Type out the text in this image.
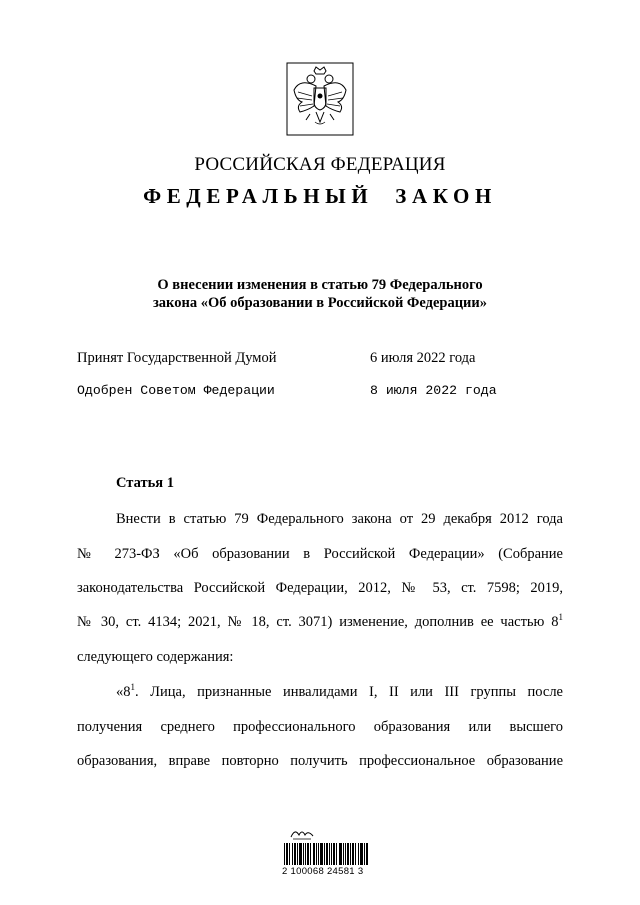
РОССИЙСКАЯ ФЕДЕРАЦИЯ
ФЕДЕРАЛЬНЫЙ ЗАКОН
О внесении изменения в статью 79 Федерального
закона «Об образовании в Российской Федерации»
Принят Государственной Думой	6 июля 2022 года
Одобрен Советом Федерации	8 июля 2022 года
Статья 1
Внести в статью 79 Федерального закона от 29 декабря 2012 года
№ 273-ФЗ «Об образовании в Российской Федерации» (Собрание
законодательства Российской Федерации, 2012, № 53, ст. 7598; 2019,
№ 30, ст. 4134; 2021, № 18, ст. 3071) изменение, дополнив ее частью $8^1$
следующего содержания:
«$8^1$. Лица, признанные инвалидами I, II или III группы после
получения среднего профессионального образования или высшего
образования, вправе повторно получить профессиональное образование
2 100068 24581 3
